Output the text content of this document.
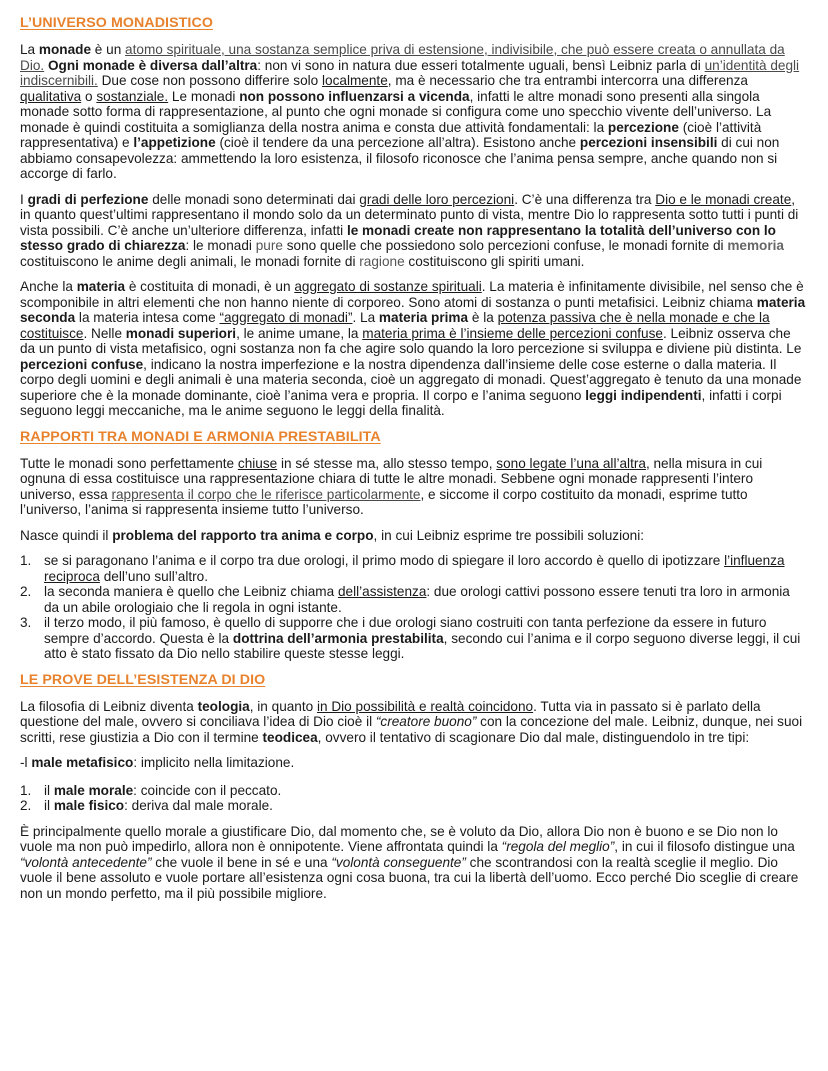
L’UNIVERSO MONADISTICO

La monade è un atomo spirituale, una sostanza semplice priva di estensione, indivisibile, che può essere creata o annullata da Dio. Ogni monade è diversa dall’altra: non vi sono in natura due esseri totalmente uguali, bensì Leibniz parla di un’identità degli indiscernibili. Due cose non possono differire solo localmente, ma è necessario che tra entrambi intercorra una differenza qualitativa o sostanziale. Le monadi non possono influenzarsi a vicenda, infatti le altre monadi sono presenti alla singola monade sotto forma di rappresentazione, al punto che ogni monade si configura come uno specchio vivente dell’universo. La monade è quindi costituita a somiglianza della nostra anima e consta due attività fondamentali: la percezione (cioè l’attività rappresentativa) e l’appetizione (cioè il tendere da una percezione all’altra). Esistono anche percezioni insensibili di cui non abbiamo consapevolezza: ammettendo la loro esistenza, il filosofo riconosce che l’anima pensa sempre, anche quando non si accorge di farlo.

I gradi di perfezione delle monadi sono determinati dai gradi delle loro percezioni. C’è una differenza tra Dio e le monadi create, in quanto quest’ultimi rappresentano il mondo solo da un determinato punto di vista, mentre Dio lo rappresenta sotto tutti i punti di vista possibili. C’è anche un’ulteriore differenza, infatti le monadi create non rappresentano la totalità dell’universo con lo stesso grado di chiarezza: le monadi pure sono quelle che possiedono solo percezioni confuse, le monadi fornite di memoria costituiscono le anime degli animali, le monadi fornite di ragione costituiscono gli spiriti umani.

Anche la materia è costituita di monadi, è un aggregato di sostanze spirituali. La materia è infinitamente divisibile, nel senso che è scomponibile in altri elementi che non hanno niente di corporeo. Sono atomi di sostanza o punti metafisici. Leibniz chiama materia seconda la materia intesa come “aggregato di monadi”. La materia prima è la potenza passiva che è nella monade e che la costituisce. Nelle monadi superiori, le anime umane, la materia prima è l’insieme delle percezioni confuse. Leibniz osserva che da un punto di vista metafisico, ogni sostanza non fa che agire solo quando la loro percezione si sviluppa e diviene più distinta. Le percezioni confuse, indicano la nostra imperfezione e la nostra dipendenza dall’insieme delle cose esterne o dalla materia. Il corpo degli uomini e degli animali è una materia seconda, cioè un aggregato di monadi. Quest’aggregato è tenuto da una monade superiore che è la monade dominante, cioè l’anima vera e propria. Il corpo e l’anima seguono leggi indipendenti, infatti i corpi seguono leggi meccaniche, ma le anime seguono le leggi della finalità.

RAPPORTI TRA MONADI E ARMONIA PRESTABILITA

Tutte le monadi sono perfettamente chiuse in sé stesse ma, allo stesso tempo, sono legate l’una all’altra, nella misura in cui ognuna di essa costituisce una rappresentazione chiara di tutte le altre monadi. Sebbene ogni monade rappresenti l’intero universo, essa rappresenta il corpo che le riferisce particolarmente, e siccome il corpo costituito da monadi, esprime tutto l’universo, l’anima si rappresenta insieme tutto l’universo.

Nasce quindi il problema del rapporto tra anima e corpo, in cui Leibniz esprime tre possibili soluzioni:

1. se si paragonano l’anima e il corpo tra due orologi, il primo modo di spiegare il loro accordo è quello di ipotizzare l’influenza reciproca dell’uno sull’altro.
2. la seconda maniera è quello che Leibniz chiama dell’assistenza: due orologi cattivi possono essere tenuti tra loro in armonia da un abile orologiaio che li regola in ogni istante.
3. il terzo modo, il più famoso, è quello di supporre che i due orologi siano costruiti con tanta perfezione da essere in futuro sempre d’accordo. Questa è la dottrina dell’armonia prestabilita, secondo cui l’anima e il corpo seguono diverse leggi, il cui atto è stato fissato da Dio nello stabilire queste stesse leggi.
LE PROVE DELL’ESISTENZA DI DIO

La filosofia di Leibniz diventa teologia, in quanto in Dio possibilità e realtà coincidono. Tutta via in passato si è parlato della questione del male, ovvero si conciliava l’idea di Dio cioè il “creatore buono” con la concezione del male. Leibniz, dunque, nei suoi scritti, rese giustizia a Dio con il termine teodicea, ovvero il tentativo di scagionare Dio dal male, distinguendolo in tre tipi:

-l male metafisico: implicito nella limitazione.
1. il male morale: coincide con il peccato.
2. il male fisico: deriva dal male morale.

È principalmente quello morale a giustificare Dio, dal momento che, se è voluto da Dio, allora Dio non è buono e se Dio non lo vuole ma non può impedirlo, allora non è onnipotente. Viene affrontata quindi la “regola del meglio”, in cui il filosofo distingue una “volontà antecedente” che vuole il bene in sé e una “volontà conseguente” che scontrandosi con la realtà sceglie il meglio. Dio vuole il bene assoluto e vuole portare all’esistenza ogni cosa buona, tra cui la libertà dell’uomo. Ecco perché Dio sceglie di creare non un mondo perfetto, ma il più possibile migliore.
